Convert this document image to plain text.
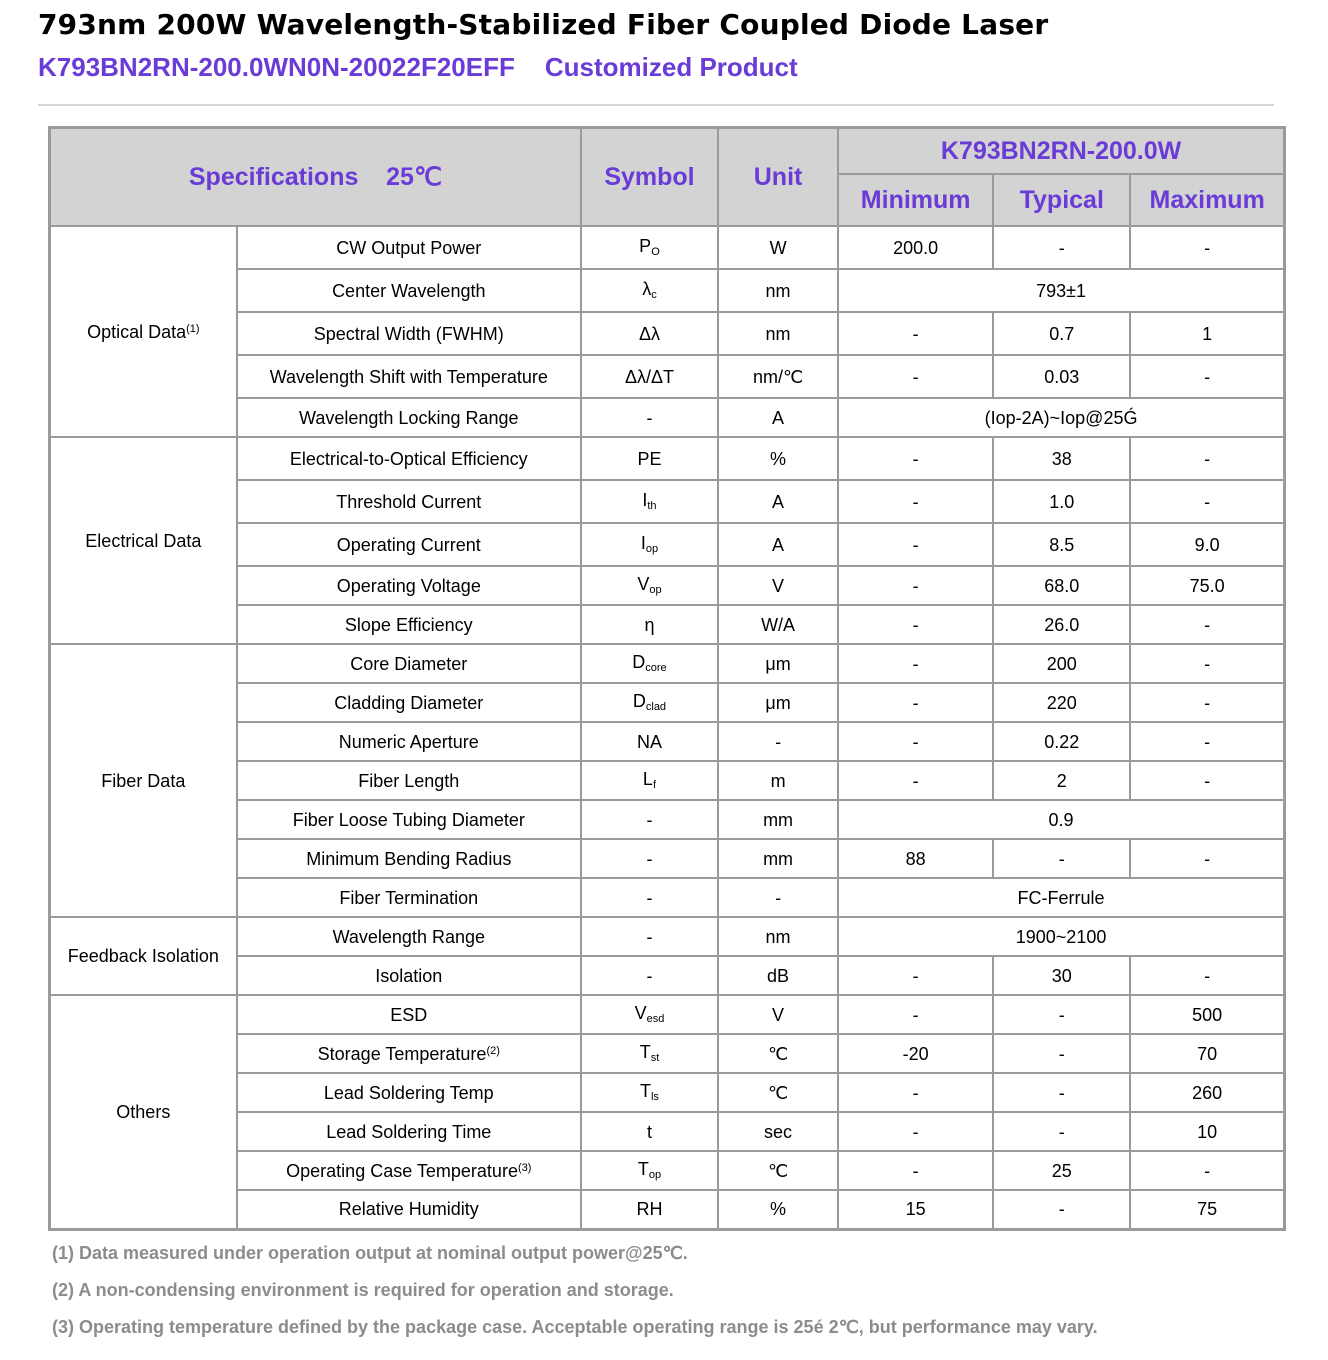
793nm 200W Wavelength-Stabilized Fiber Coupled Diode Laser
K793BN2RN-200.0WN0N-20022F20EFF Customized Product
Specifications    25℃		Symbol	Unit	K793BN2RN-200.0W		
				Minimum	Typical	Maximum
Optical Data$^{(1)}$	CW Output Power	$P_O$	W	200.0	-	-
	Center Wavelength	$\lambda_c$	nm	793±1		
	Spectral Width (FWHM)	Δλ	nm	-	0.7	1
	Wavelength Shift with Temperature	Δλ/ΔT	nm/℃	-	0.03	-
	Wavelength Locking Range	-	A	(Iop-2A)~Iop@25Ǵ		
Electrical Data	Electrical-to-Optical Efficiency	PE	%	-	38	-
	Threshold Current	$I_{th}$	A	-	1.0	-
	Operating Current	$I_{op}$	A	-	8.5	9.0
	Operating Voltage	$V_{op}$	V	-	68.0	75.0
	Slope Efficiency	η	W/A	-	26.0	-
Fiber Data	Core Diameter	$D_{core}$	μm	-	200	-
	Cladding Diameter	$D_{clad}$	μm	-	220	-
	Numeric Aperture	NA	-	-	0.22	-
	Fiber Length	$L_f$	m	-	2	-
	Fiber Loose Tubing Diameter	-	mm	0.9		
	Minimum Bending Radius	-	mm	88	-	-
	Fiber Termination	-	-	FC-Ferrule		
Feedback Isolation	Wavelength Range	-	nm	1900~2100		
	Isolation	-	dB	-	30	-
Others	ESD	$V_{esd}$	V	-	-	500
	Storage Temperature$^{(2)}$	$T_{st}$	℃	-20	-	70
	Lead Soldering Temp	$T_{ls}$	℃	-	-	260
	Lead Soldering Time	t	sec	-	-	10
	Operating Case Temperature$^{(3)}$	$T_{op}$	℃	-	25	-
	Relative Humidity	RH	%	15	-	75
(1) Data measured under operation output at nominal output power@25℃.
(2) A non-condensing environment is required for operation and storage.
(3) Operating temperature defined by the package case. Acceptable operating range is 25é 2℃, but performance may vary.
